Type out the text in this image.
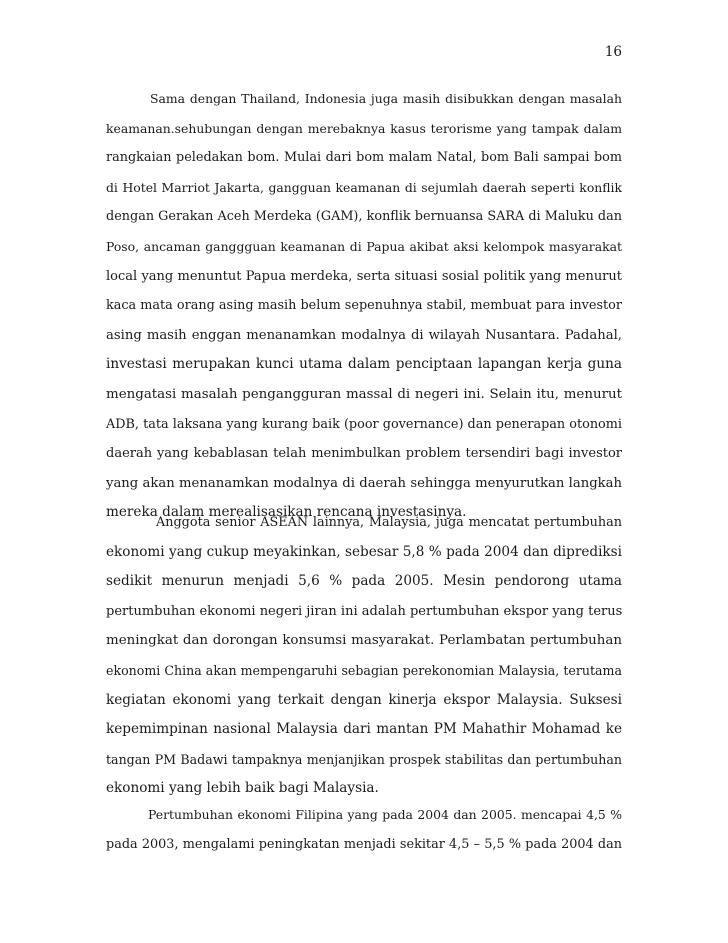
16
Sama dengan Thailand, Indonesia juga masih disibukkan dengan masalah
keamanan.sehubungan dengan merebaknya kasus terorisme yang tampak dalam
rangkaian peledakan bom. Mulai dari bom malam Natal, bom Bali sampai bom
di Hotel Marriot Jakarta, gangguan keamanan di sejumlah daerah seperti konflik
dengan Gerakan Aceh Merdeka (GAM), konflik bernuansa SARA di Maluku dan
Poso, ancaman ganggguan keamanan di Papua akibat aksi kelompok masyarakat
local yang menuntut Papua merdeka, serta situasi sosial politik yang menurut
kaca mata orang asing masih belum sepenuhnya stabil, membuat para investor
asing masih enggan menanamkan modalnya di wilayah Nusantara. Padahal,
investasi merupakan kunci utama dalam penciptaan lapangan kerja guna
mengatasi masalah pengangguran massal di negeri ini. Selain itu, menurut
ADB, tata laksana yang kurang baik (poor governance) dan penerapan otonomi
daerah yang kebablasan telah menimbulkan problem tersendiri bagi investor
yang akan menanamkan modalnya di daerah sehingga menyurutkan langkah
mereka dalam merealisasikan rencana investasinya.
Anggota senior ASEAN lainnya, Malaysia, juga mencatat pertumbuhan
ekonomi yang cukup meyakinkan, sebesar 5,8 % pada 2004 dan diprediksi
sedikit menurun menjadi 5,6 % pada 2005. Mesin pendorong utama
pertumbuhan ekonomi negeri jiran ini adalah pertumbuhan ekspor yang terus
meningkat dan dorongan konsumsi masyarakat. Perlambatan pertumbuhan
ekonomi China akan mempengaruhi sebagian perekonomian Malaysia, terutama
kegiatan ekonomi yang terkait dengan kinerja ekspor Malaysia. Suksesi
kepemimpinan nasional Malaysia dari mantan PM Mahathir Mohamad ke
tangan PM Badawi tampaknya menjanjikan prospek stabilitas dan pertumbuhan
ekonomi yang lebih baik bagi Malaysia.
Pertumbuhan ekonomi Filipina yang pada 2004 dan 2005. mencapai 4,5 %
pada 2003, mengalami peningkatan menjadi sekitar 4,5 – 5,5 % pada 2004 dan
